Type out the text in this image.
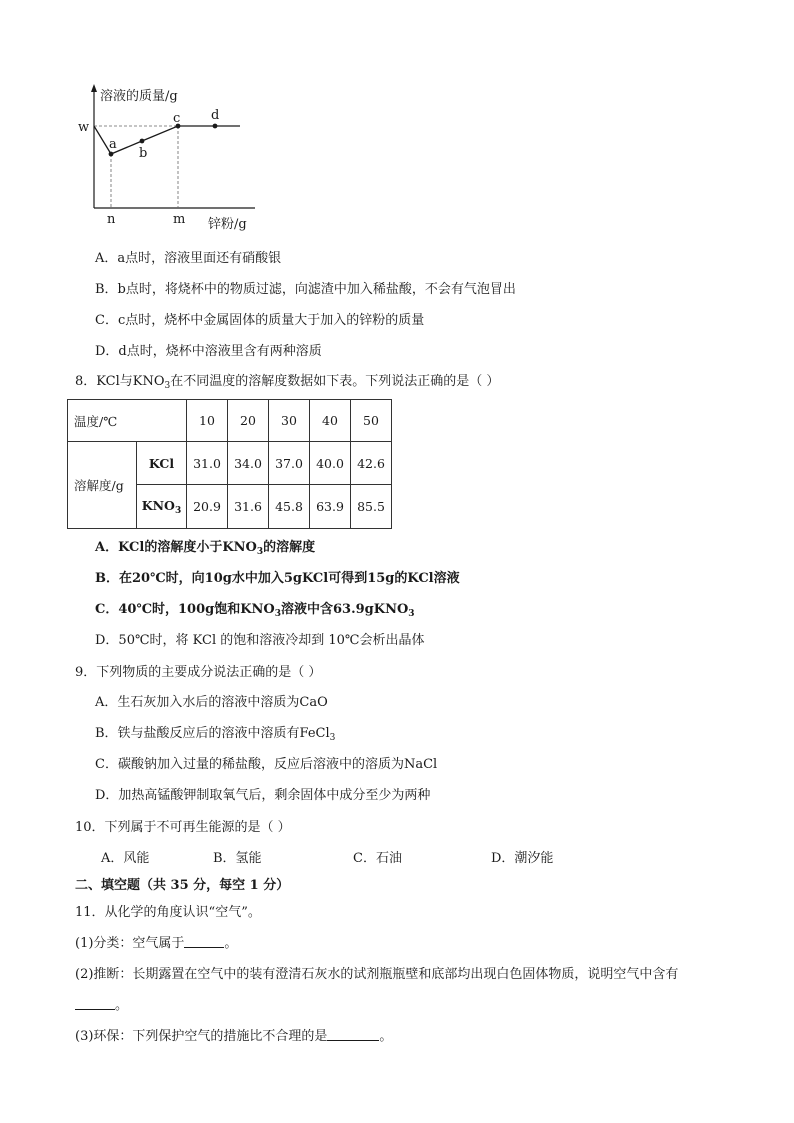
溶液的质量/g
w
a
b
c d
n	m 锌粉/g
A．a点时，溶液里面还有硝酸银
B．b点时，将烧杯中的物质过滤，向滤渣中加入稀盐酸，不会有气泡冒出
C．c点时，烧杯中金属固体的质量大于加入的锌粉的质量
D．d点时，烧杯中溶液里含有两种溶质
8．KCl与$KNO_3$在不同温度的溶解度数据如下表。下列说法正确的是（ ）
温度/℃		10	20	30	40	50
溶解度/g	KCl	31.0	34.0	37.0	40.0	42.6
	$KNO_3$	20.9	31.6	45.8	63.9	85.5
A．KCl的溶解度小于$KNO_3$的溶解度
B．在20℃时，向10g水中加入5gKCl可得到15g的KCl溶液
C．40℃时，100g饱和$KNO_3$溶液中含63.9gKNO$_3$
D．50℃时，将 KCl 的饱和溶液冷却到 10℃会析出晶体
9．下列物质的主要成分说法正确的是（ ）
A．生石灰加入水后的溶液中溶质为CaO
B．铁与盐酸反应后的溶液中溶质有FeCl$_3$
C．碳酸钠加入过量的稀盐酸，反应后溶液中的溶质为NaCl
D．加热高锰酸钾制取氧气后，剩余固体中成分至少为两种
10．下列属于不可再生能源的是（ ）
A．风能	B．氢能	C．石油	D．潮汐能
二、填空题（共 35 分，每空 1 分）
11．从化学的角度认识“空气”。
(1)分类：空气属于	。
(2)推断：长期露置在空气中的装有澄清石灰水的试剂瓶瓶壁和底部均出现白色固体物质，说明空气中含有
。
(3)环保：下列保护空气的措施比不合理的是	。
